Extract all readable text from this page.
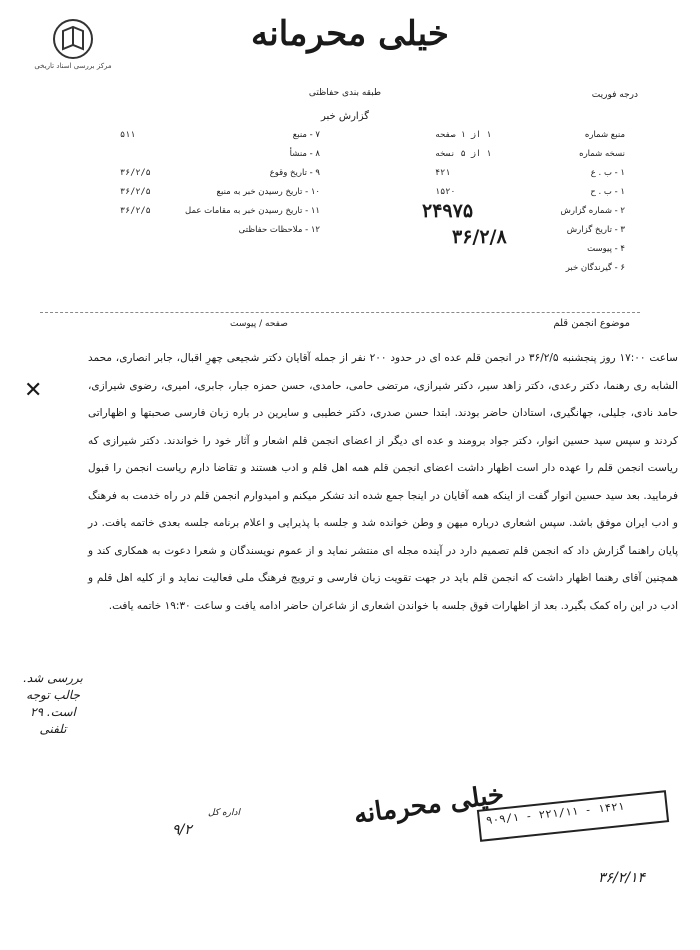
مرکز بررسی اسناد تاریخی
خیلی محرمانه
طبقه بندی حفاظتی	درجه فوریت
گزارش خبر
منبع شماره
۱ از ۱ صفحه
نسخه شماره
۱ از ۵ نسخه
۱ - ب . ع
۴۲۱
۱ - ب . ح
۱۵۲۰
۲ - شماره گزارش
۳ - تاریخ گزارش
۴ - پیوست
۶ - گیرندگان خبر
۷ - منبع
۵۱۱
۸ - منشأ
۹ - تاریخ وقوع
۳۶/۲/۵
۱۰ - تاریخ رسیدن خبر به منبع
۳۶/۲/۵
۱۱ - تاریخ رسیدن خبر به مقامات عمل
۳۶/۲/۵
۱۲ - ملاحظات حفاظتی
۲۴۹۷۵
۳۶/۲/۸
موضوع انجمن قلم
صفحه / پیوست
✕
ساعت ۱۷:۰۰ روز پنجشنبه ۳۶/۲/۵ در انجمن قلم عده ای در حدود ۲۰۰ نفر از جمله آقایان دکتر شجیعی چهرِ اقبال، جابر انصاری، محمد الشابه ری رهنما، دکتر رعدی، دکتر زاهد سیر، دکتر شیرازی، مرتضی حامی، حامدی، حسن حمزه جبار، جابری، امیری، رضوی شیرازی، حامد نادی، جلیلی، جهانگیری، استادان حاضر بودند. ابتدا حسن صدری، دکتر خطیبی و سایرین در باره زبان فارسی صحبتها و اظهاراتی کردند و سپس سید حسین انوار، دکتر جواد برومند و عده ای دیگر از اعضای انجمن قلم اشعار و آثار خود را خواندند. دکتر شیرازی که ریاست انجمن قلم را عهده دار است اظهار داشت اعضای انجمن قلم همه اهل قلم و ادب هستند و تقاضا دارم ریاست انجمن را قبول فرمایید. بعد سید حسین انوار گفت از اینکه همه آقایان در اینجا جمع شده اند تشکر میکنم و امیدوارم انجمن قلم در راه خدمت به فرهنگ و ادب ایران موفق باشد. سپس اشعاری درباره میهن و وطن خوانده شد و جلسه با پذیرایی و اعلام برنامه جلسه بعدی خاتمه یافت. در پایان راهنما گزارش داد که انجمن قلم تصمیم دارد در آینده مجله ای منتشر نماید و از عموم نویسندگان و شعرا دعوت به همکاری کند و همچنین آقای رهنما اظهار داشت که انجمن قلم باید در جهت تقویت زبان فارسی و ترویج فرهنگ ملی فعالیت نماید و از کلیه اهل قلم و ادب در این راه کمک بگیرد. بعد از اظهارات فوق جلسه با خواندن اشعاری از شاعران حاضر ادامه یافت و ساعت ۱۹:۳۰ خاتمه یافت.
بررسی شد. جالب توجه است. ۲۹ تلفنی
خیلی محرمانه
۹۰۹/۱ - ۲۲۱/۱۱ - ۱۴۲۱
۹/۲
اداره کل
۳۶/۲/۱۴
